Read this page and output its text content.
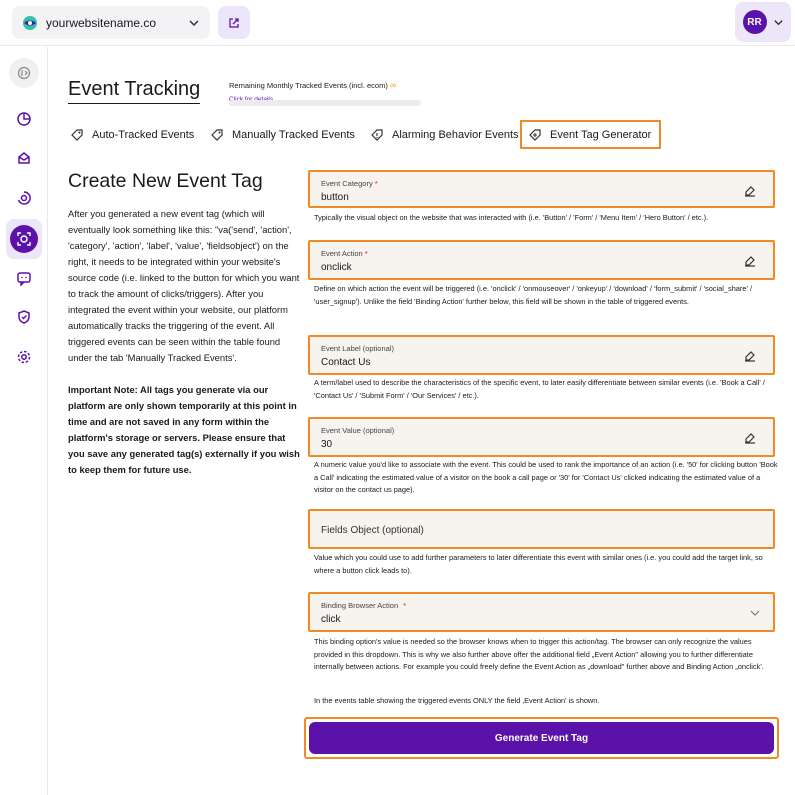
yourwebsitename.co	RR
Event Tracking	Remaining Monthly Tracked Events (incl. ecom) ∞
Auto-Tracked Events	Manually Tracked Events	Alarming Behavior Events	Event Tag Generator
Create New Event Tag

After you generated a new event tag (which will eventually look something like this: "va('send', 'action', 'category', 'action', 'label', 'value', 'fieldsobject') on the right, it needs to be integrated within your website's source code (i.e. linked to the button for which you want to track the amount of clicks/triggers). After you integrated the event within your website, our platform automatically tracks the triggering of the event. All triggered events can be seen within the table found under the tab 'Manually Tracked Events'.

Important Note: All tags you generate via our platform are only shown temporarily at this point in time and are not saved in any form within the platform's storage or servers. Please ensure that you save any generated tag(s) externally if you wish to keep them for future use.

Event Category *
button
Typically the visual object on the website that was interacted with (i.e. 'Button' / 'Form' / 'Menu Item' / 'Hero Button' / etc.).
Event Action *
onclick
Define on which action the event will be triggered (i.e. 'onclick' / 'onmouseover' / 'onkeyup' / 'download' / 'form_submit' / 'social_share' / 'user_signup'). Unlike the field 'Binding Action' further below, this field will be shown in the table of triggered events.
Event Label (optional)
Contact Us
A term/label used to describe the characteristics of the specific event, to later easily differentiate between similar events (i.e. 'Book a Call' / 'Contact Us' / 'Submit Form' / 'Our Services' / etc.).
Event Value (optional)
30
A numeric value you'd like to associate with the event. This could be used to rank the importance of an action (i.e. '50' for clicking button 'Book a Call' indicating the estimated value of a visitor on the book a call page or '30' for 'Contact Us' clicked indicating the estimated value of a visitor on the contact us page).
Fields Object (optional)
Value which you could use to add further parameters to later differentiate this event with similar ones (i.e. you could add the target link, so where a button click leads to).
Binding Browser Action *
click
This binding option's value is needed so the browser knows when to trigger this action/tag. The browser can only recognize the values provided in this dropdown. This is why we also further above offer the additional field „Event Action" allowing you to further differentiate internally between actions. For example you could freely define the Event Action as „download" further above and Binding Action „onclick'.
In the events table showing the triggered events ONLY the field ‚Event Action' is shown.
Generate Event Tag
